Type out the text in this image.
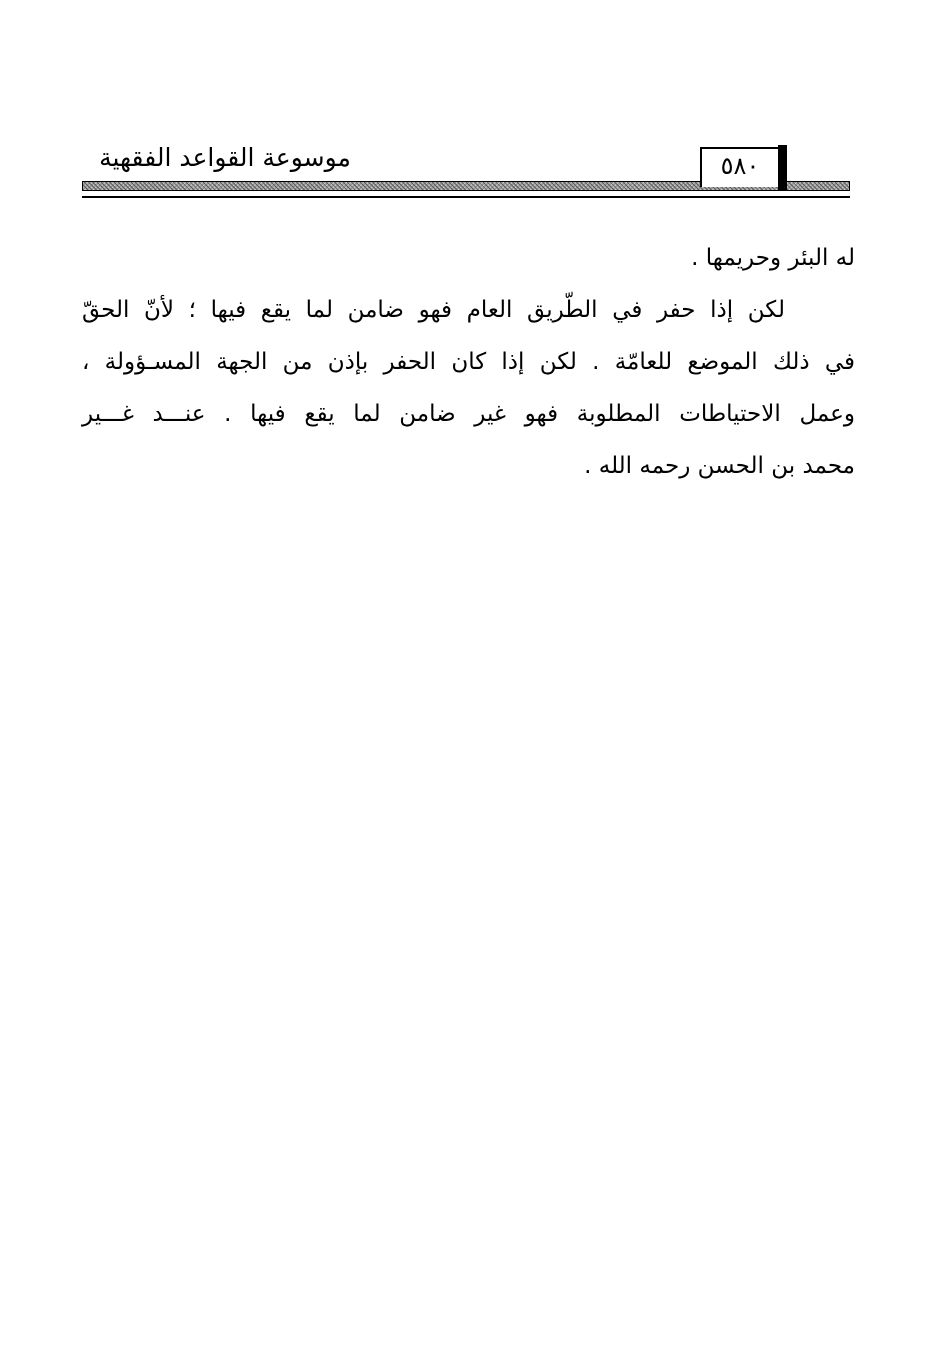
موسوعة القواعد الفقهية	٥٨٠
له البئر وحريمها .
لكن إذا حفر في الطّريق العام فهو ضامن لما يقع فيها ؛ لأنّ الحقّ
في ذلك الموضع للعامّة . لكن إذا كان الحفر بإذن من الجهة المسـؤولة ،
وعمل الاحتياطات المطلوبة فهو غير ضامن لما يقع فيها . عنـــد غـــير
محمد بن الحسن رحمه الله .
